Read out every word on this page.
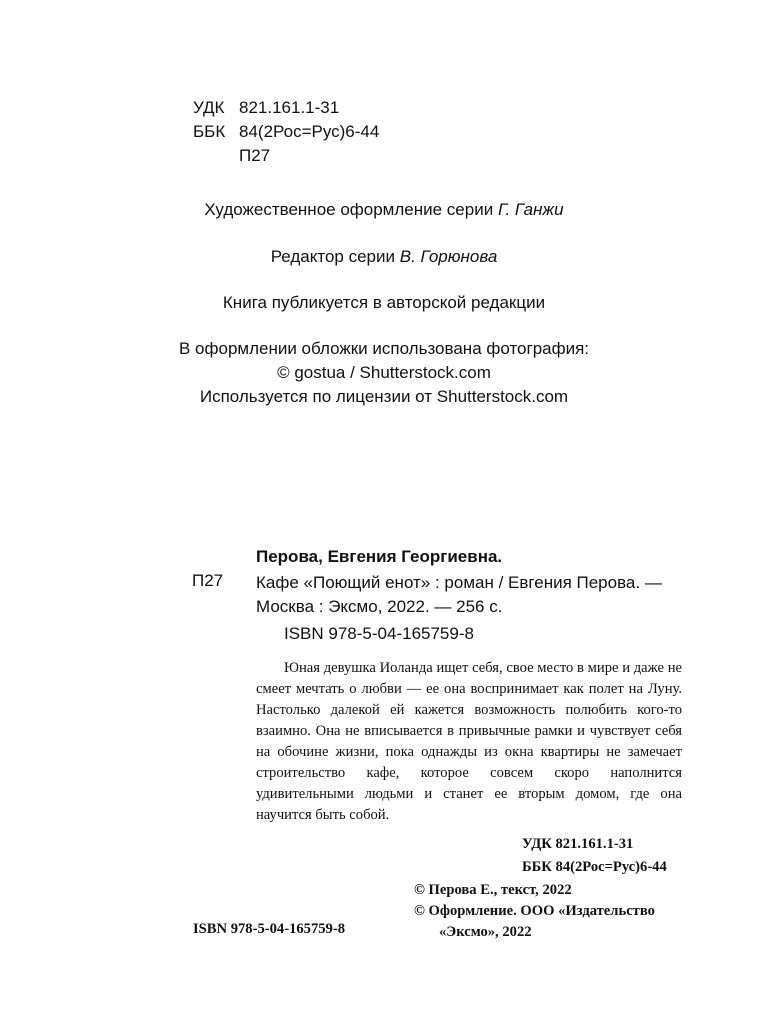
УДК 821.161.1-31
ББК 84(2Рос=Рус)6-44
П27
Художественное оформление серии Г. Ганжи
Редактор серии В. Горюнова
Книга публикуется в авторской редакции
В оформлении обложки использована фотография:
© gostua / Shutterstock.com
Используется по лицензии от Shutterstock.com
Перова, Евгения Георгиевна.
П27 Кафе «Поющий енот» : роман / Евгения Перова. —
Москва : Эксмо, 2022. — 256 с.
ISBN 978-5-04-165759-8
Юная девушка Иоланда ищет себя, свое место в мире и даже не смеет мечтать о любви — ее она воспринимает как полет на Луну. Настолько далекой ей кажется возможность полюбить кого-то взаимно. Она не вписывается в привычные рамки и чувствует себя на обочине жизни, пока однажды из окна квартиры не замечает строительство кафе, которое совсем скоро наполнится удивительными людьми и станет ее вторым домом, где она научится быть собой.
УДК 821.161.1-31
ББК 84(2Рос=Рус)6-44
© Перова Е., текст, 2022
© Оформление. ООО «Издательство
«Эксмо», 2022
ISBN 978-5-04-165759-8
